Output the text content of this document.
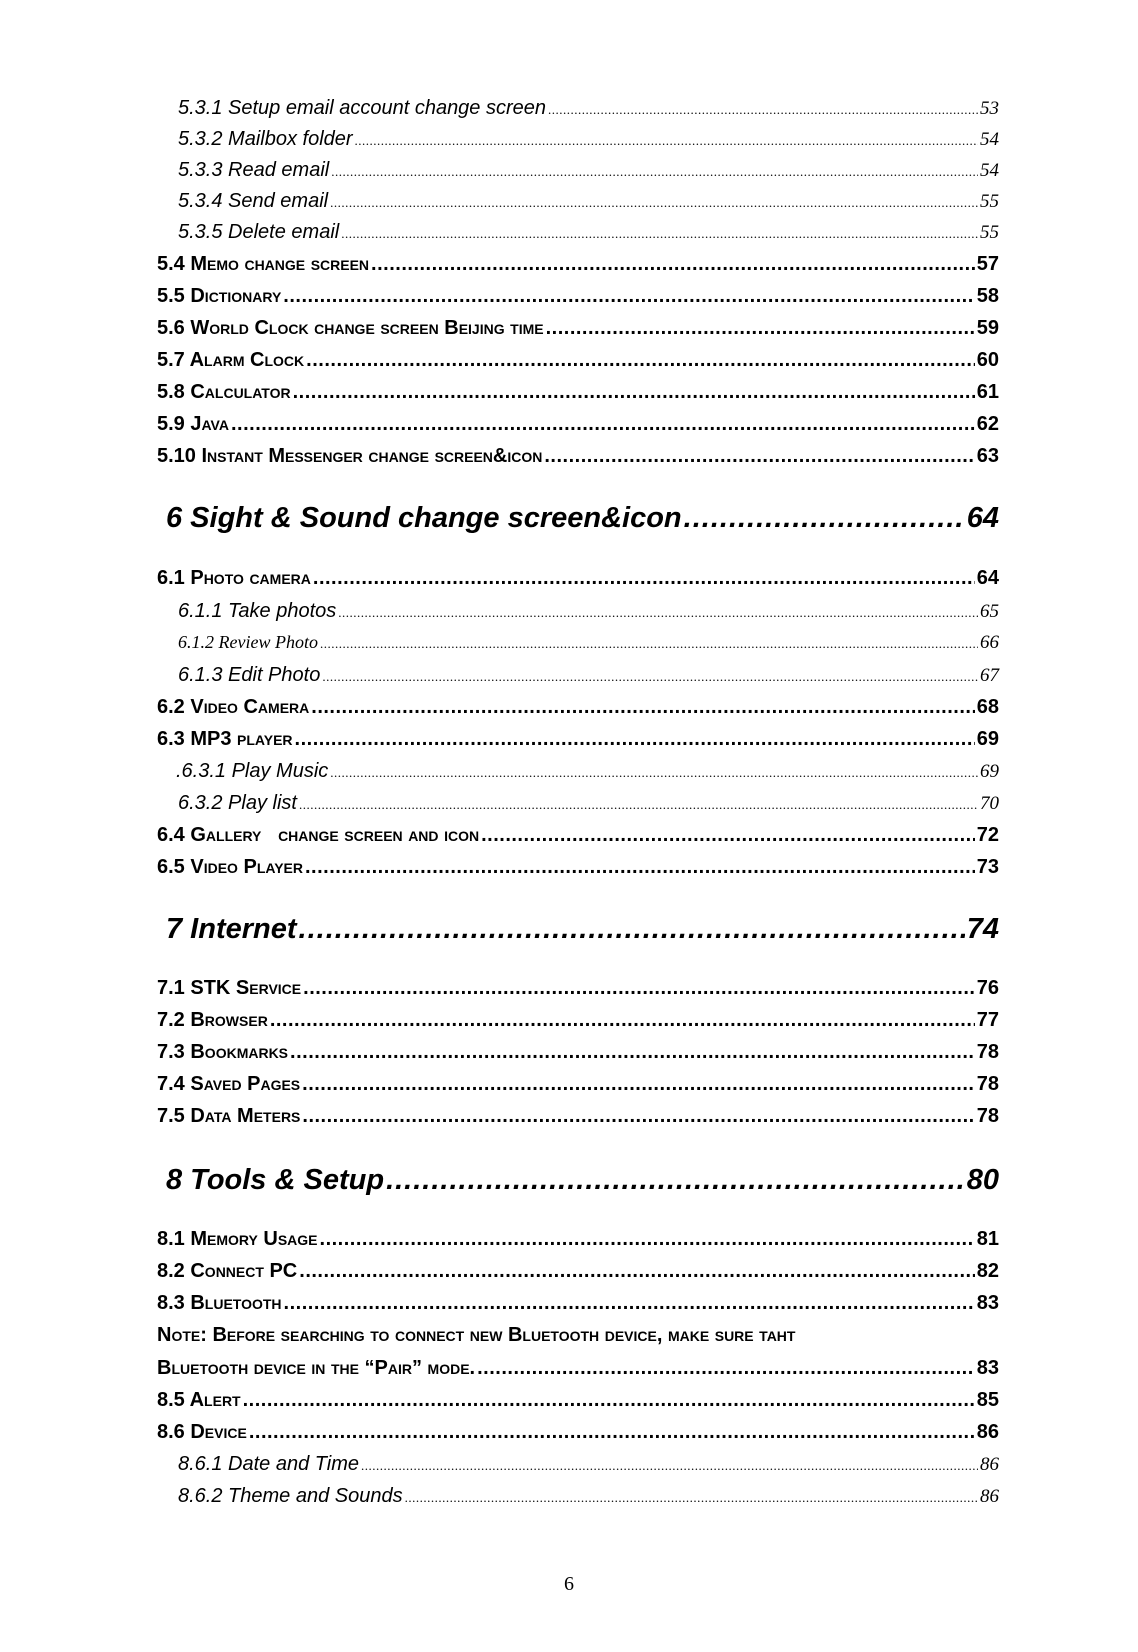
5.3.1 Setup email account change screen .....	53
5.3.2 Mailbox folder .....	54
5.3.3 Read email .....	54
5.3.4 Send email .....	55
5.3.5 Delete email .....	55
5.4 Memo change screen .....	57
5.5 Dictionary .....	58
5.6 World Clock change screen Beijing time .....	59
5.7 Alarm Clock .....	60
5.8 Calculator .....	61
5.9 Java .....	62
5.10 Instant Messenger change screen&icon .....	63
6 Sight & Sound change screen&icon .....	64
6.1 Photo camera .....	64
6.1.1 Take photos .....	65
6.1.2 Review Photo .....	66
6.1.3 Edit Photo .....	67
6.2 Video Camera .....	68
6.3 MP3 player .....	69
.6.3.1 Play Music .....	69
6.3.2 Play list .....	70
6.4 Gallery   change screen and icon .....	72
6.5 Video Player .....	73
7 Internet .....	74
7.1 STK Service .....	76
7.2 Browser .....	77
7.3 Bookmarks .....	78
7.4 Saved Pages .....	78
7.5 Data Meters .....	78
8 Tools & Setup .....	80
8.1 Memory Usage .....	81
8.2 Connect PC .....	82
8.3 Bluetooth .....	83
Note: Before searching to connect new Bluetooth device, make sure taht
Bluetooth device in the “Pair” mode. .....	83
8.5 Alert .....	85
8.6 Device .....	86
8.6.1 Date and Time .....	86
8.6.2 Theme and Sounds .....	86
6
